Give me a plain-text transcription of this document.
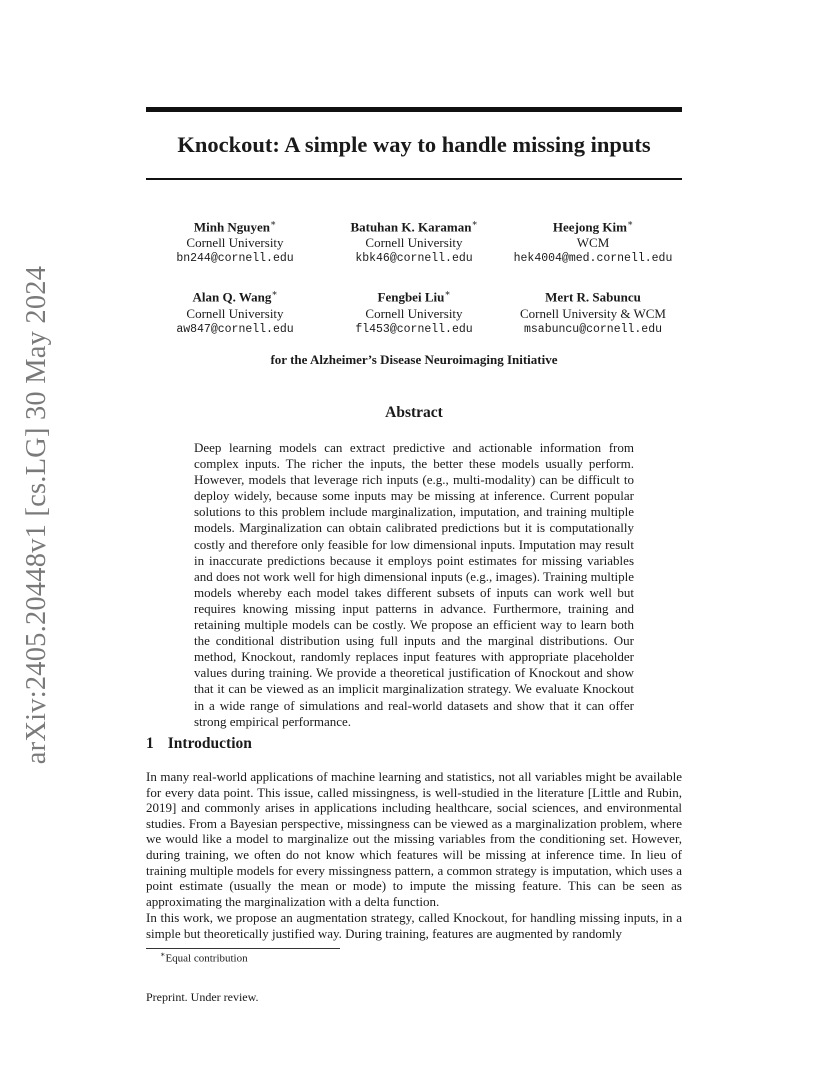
arXiv:2405.20448v1 [cs.LG] 30 May 2024
Knockout: A simple way to handle missing inputs
Minh Nguyen∗
Cornell University
bn244@cornell.edu
Batuhan K. Karaman∗
Cornell University
kbk46@cornell.edu
Heejong Kim∗
WCM
hek4004@med.cornell.edu
Alan Q. Wang∗
Cornell University
aw847@cornell.edu
Fengbei Liu∗
Cornell University
fl453@cornell.edu
Mert R. Sabuncu
Cornell University & WCM
msabuncu@cornell.edu
for the Alzheimer’s Disease Neuroimaging Initiative
Abstract
Deep learning models can extract predictive and actionable information from complex inputs. The richer the inputs, the better these models usually perform. However, models that leverage rich inputs (e.g., multi-modality) can be difficult to deploy widely, because some inputs may be missing at inference. Current popular solutions to this problem include marginalization, imputation, and training multiple models. Marginalization can obtain calibrated predictions but it is computationally costly and therefore only feasible for low dimensional inputs. Imputation may result in inaccurate predictions because it employs point estimates for missing variables and does not work well for high dimensional inputs (e.g., images). Training multiple models whereby each model takes different subsets of inputs can work well but requires knowing missing input patterns in advance. Furthermore, training and retaining multiple models can be costly. We propose an efficient way to learn both the conditional distribution using full inputs and the marginal distributions. Our method, Knockout, randomly replaces input features with appropriate placeholder values during training. We provide a theoretical justification of Knockout and show that it can be viewed as an implicit marginalization strategy. We evaluate Knockout in a wide range of simulations and real-world datasets and show that it can offer strong empirical performance.
1 Introduction
In many real-world applications of machine learning and statistics, not all variables might be available for every data point. This issue, called missingness, is well-studied in the literature [Little and Rubin, 2019] and commonly arises in applications including healthcare, social sciences, and environmental studies. From a Bayesian perspective, missingness can be viewed as a marginalization problem, where we would like a model to marginalize out the missing variables from the conditioning set. However, during training, we often do not know which features will be missing at inference time. In lieu of training multiple models for every missingness pattern, a common strategy is imputation, which uses a point estimate (usually the mean or mode) to impute the missing feature. This can be seen as approximating the marginalization with a delta function.
In this work, we propose an augmentation strategy, called Knockout, for handling missing inputs, in a simple but theoretically justified way. During training, features are augmented by randomly
∗Equal contribution
Preprint. Under review.
